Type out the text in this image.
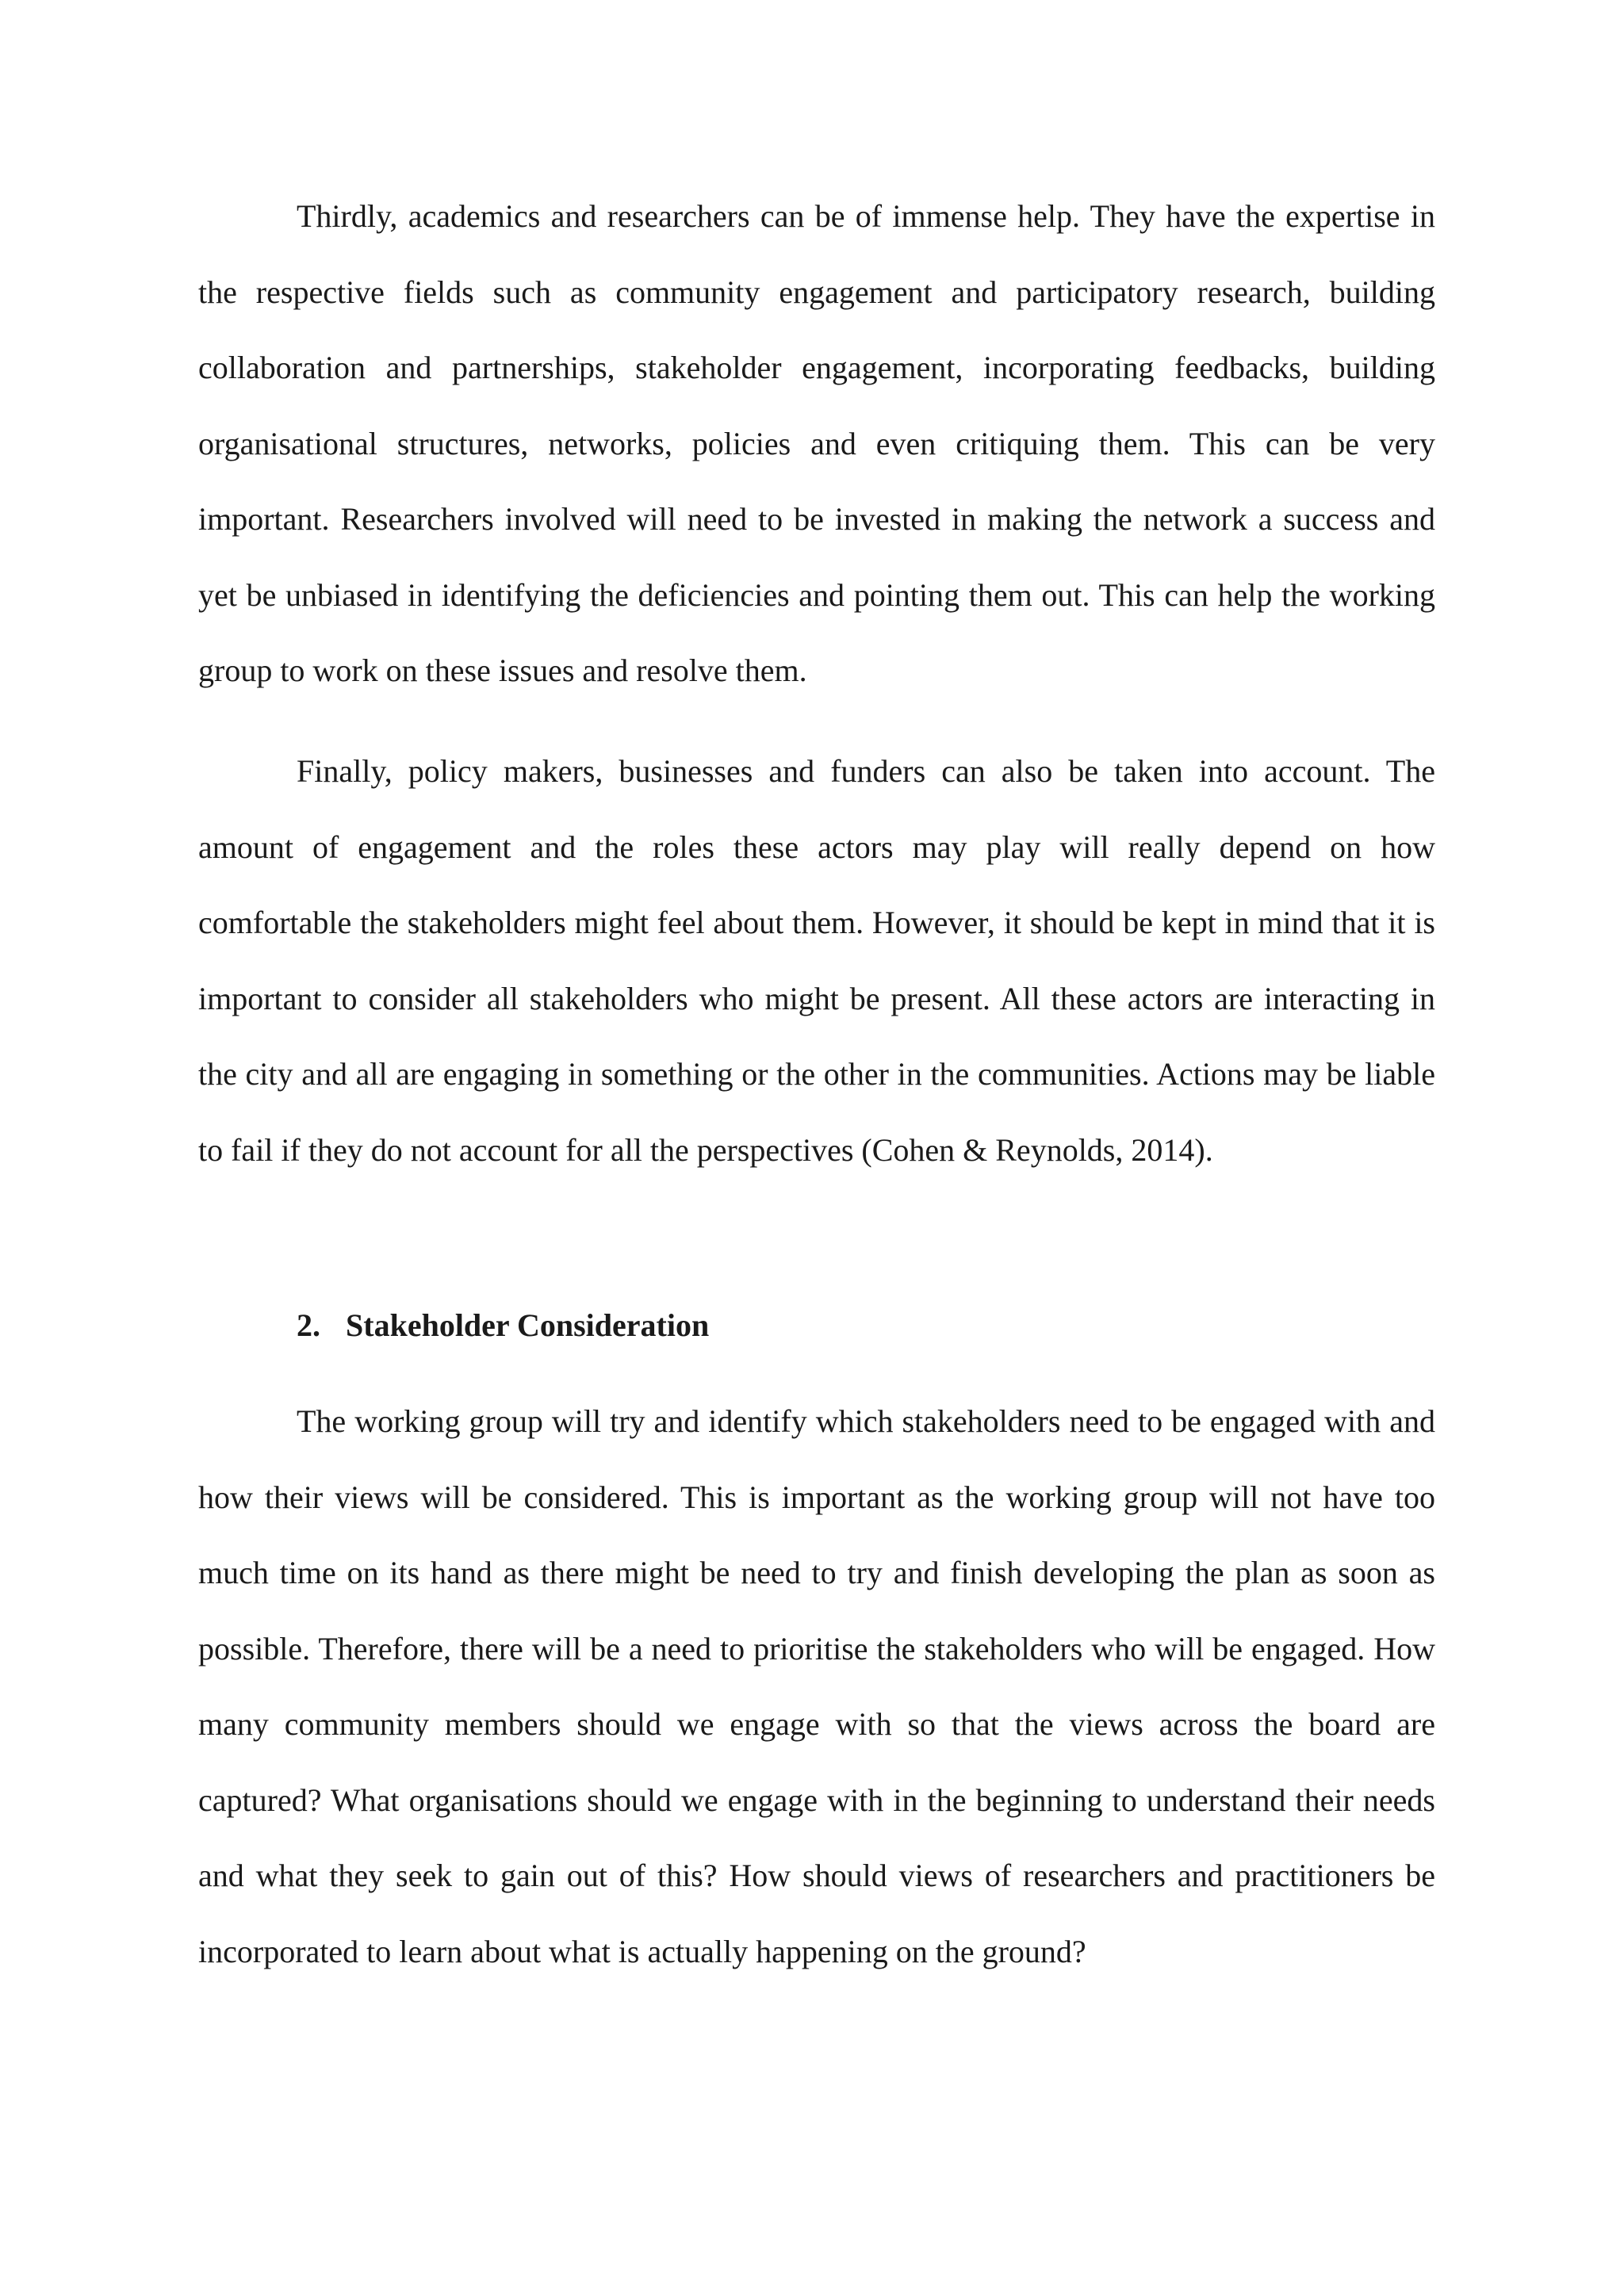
Thirdly, academics and researchers can be of immense help. They have the expertise in the respective fields such as community engagement and participatory research, building collaboration and partnerships, stakeholder engagement, incorporating feedbacks, building organisational structures, networks, policies and even critiquing them. This can be very important. Researchers involved will need to be invested in making the network a success and yet be unbiased in identifying the deficiencies and pointing them out. This can help the working group to work on these issues and resolve them.

Finally, policy makers, businesses and funders can also be taken into account. The amount of engagement and the roles these actors may play will really depend on how comfortable the stakeholders might feel about them. However, it should be kept in mind that it is important to consider all stakeholders who might be present. All these actors are interacting in the city and all are engaging in something or the other in the communities. Actions may be liable to fail if they do not account for all the perspectives (Cohen & Reynolds, 2014).

2. Stakeholder Consideration

The working group will try and identify which stakeholders need to be engaged with and how their views will be considered. This is important as the working group will not have too much time on its hand as there might be need to try and finish developing the plan as soon as possible. Therefore, there will be a need to prioritise the stakeholders who will be engaged. How many community members should we engage with so that the views across the board are captured? What organisations should we engage with in the beginning to understand their needs and what they seek to gain out of this? How should views of researchers and practitioners be incorporated to learn about what is actually happening on the ground?
